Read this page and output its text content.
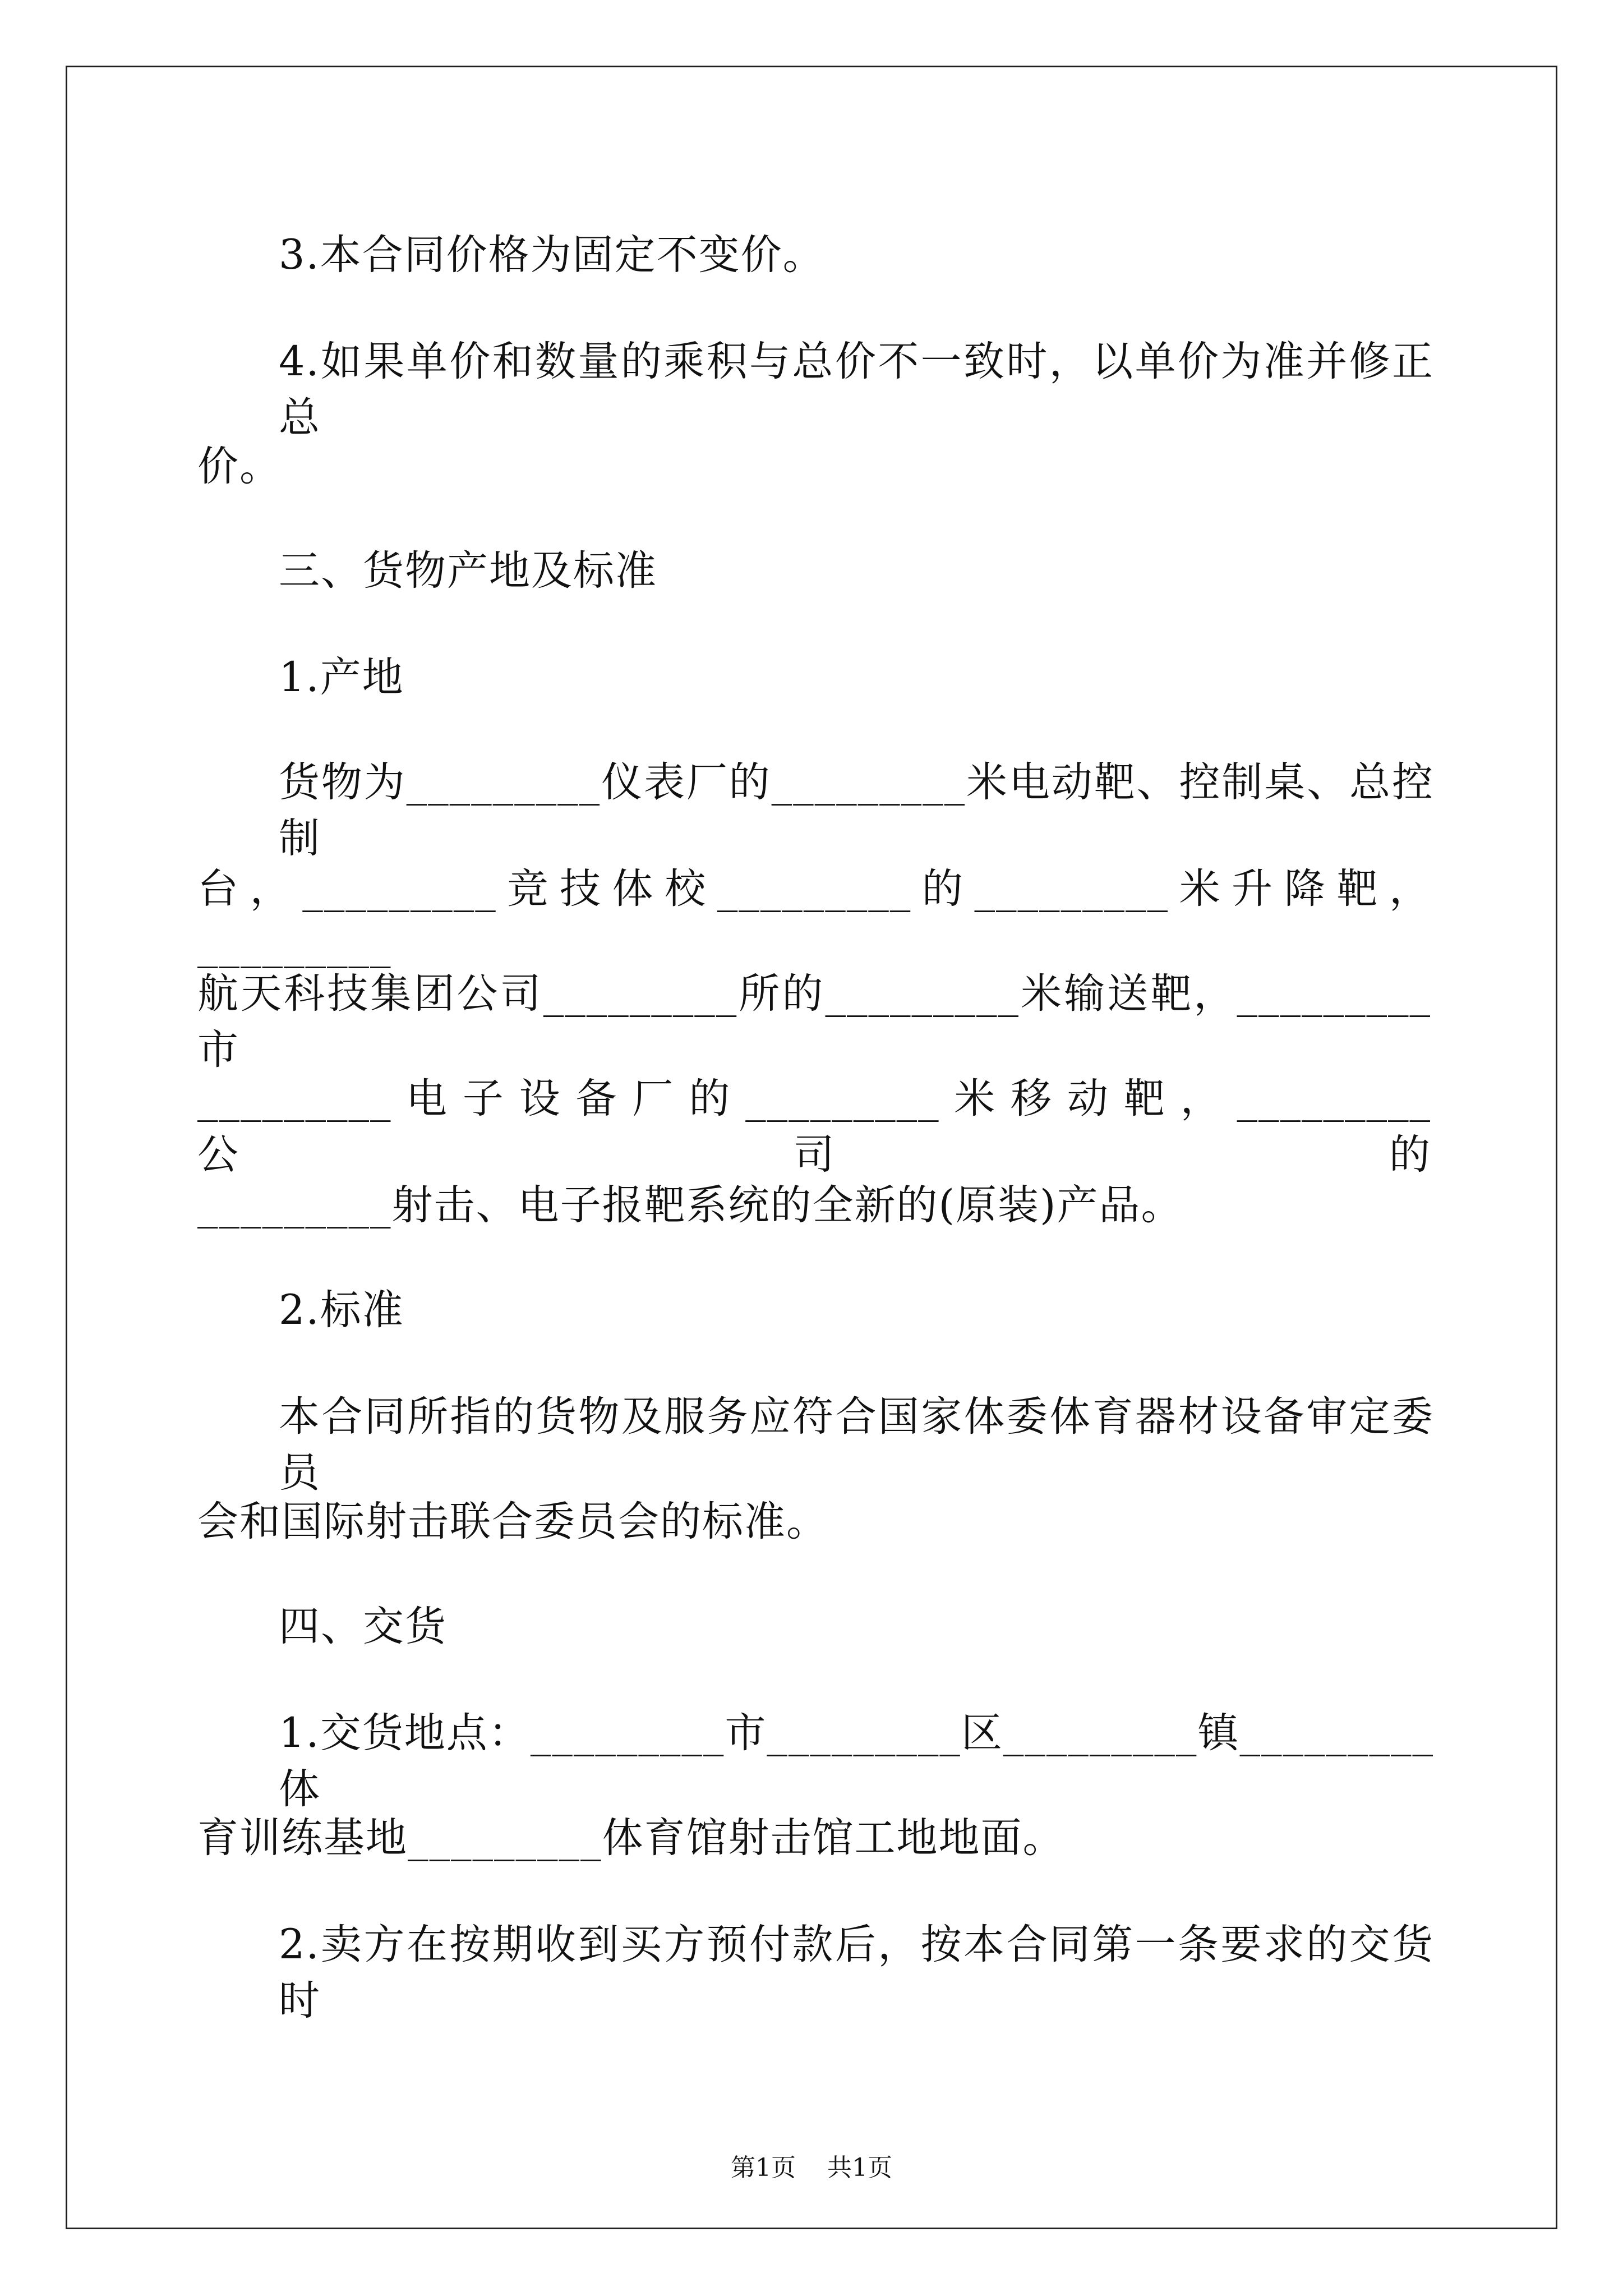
3.本合同价格为固定不变价。
4.如果单价和数量的乘积与总价不一致时，以单价为准并修正总
价。
三、货物产地及标准
1.产地
货物为_________仪表厂的_________米电动靶、控制桌、总控制
台，_________竞技体校_________的_________米升降靶，_________
航天科技集团公司_________所的_________米输送靶，_________市
_________ 电 子 设 备 厂 的 _________ 米 移 动 靶 ， _________ 公 司 的
_________射击、电子报靶系统的全新的(原装)产品。
2.标准
本合同所指的货物及服务应符合国家体委体育器材设备审定委员
会和国际射击联合委员会的标准。
四、交货
1.交货地点：_________市_________区_________镇_________体
育训练基地_________体育馆射击馆工地地面。
2.卖方在按期收到买方预付款后，按本合同第一条要求的交货时
第1页 共1页
